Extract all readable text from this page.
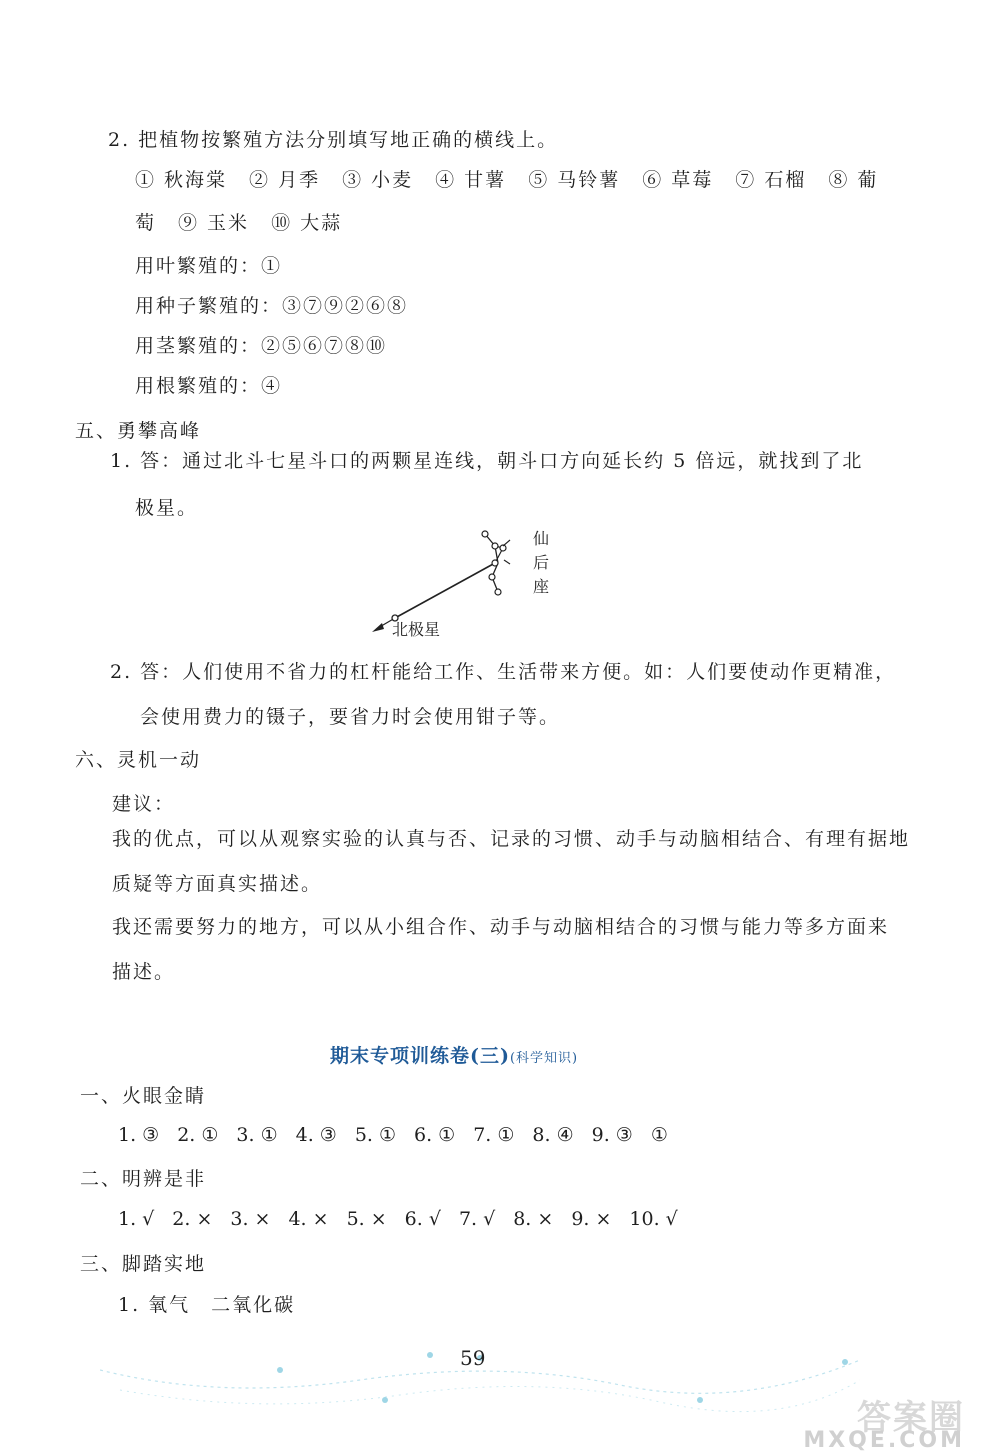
2. 把植物按繁殖方法分别填写地正确的横线上。
① 秋海棠 ② 月季 ③ 小麦 ④ 甘薯 ⑤ 马铃薯 ⑥ 草莓 ⑦ 石榴 ⑧ 葡
萄 ⑨ 玉米 ⑩ 大蒜
用叶繁殖的：①
用种子繁殖的：③⑦⑨②⑥⑧
用茎繁殖的：②⑤⑥⑦⑧⑩
用根繁殖的：④
五、勇攀高峰
1. 答：通过北斗七星斗口的两颗星连线，朝斗口方向延长约 5 倍远，就找到了北
极星。
仙
后
座
北极星
2. 答：人们使用不省力的杠杆能给工作、生活带来方便。如：人们要使动作更精准，
会使用费力的镊子，要省力时会使用钳子等。
六、灵机一动
建议：
我的优点，可以从观察实验的认真与否、记录的习惯、动手与动脑相结合、有理有据地
质疑等方面真实描述。
我还需要努力的地方，可以从小组合作、动手与动脑相结合的习惯与能力等多方面来
描述。
期末专项训练卷(三)(科学知识)
一、火眼金睛
1. ③ 2. ① 3. ① 4. ③ 5. ① 6. ① 7. ① 8. ④ 9. ③ ①
二、明辨是非
1. √ 2. × 3. × 4. × 5. × 6. √ 7. √ 8. × 9. × 10. √
三、脚踏实地
1. 氧气　二氧化碳
59
答案圈
MXQE.COM
